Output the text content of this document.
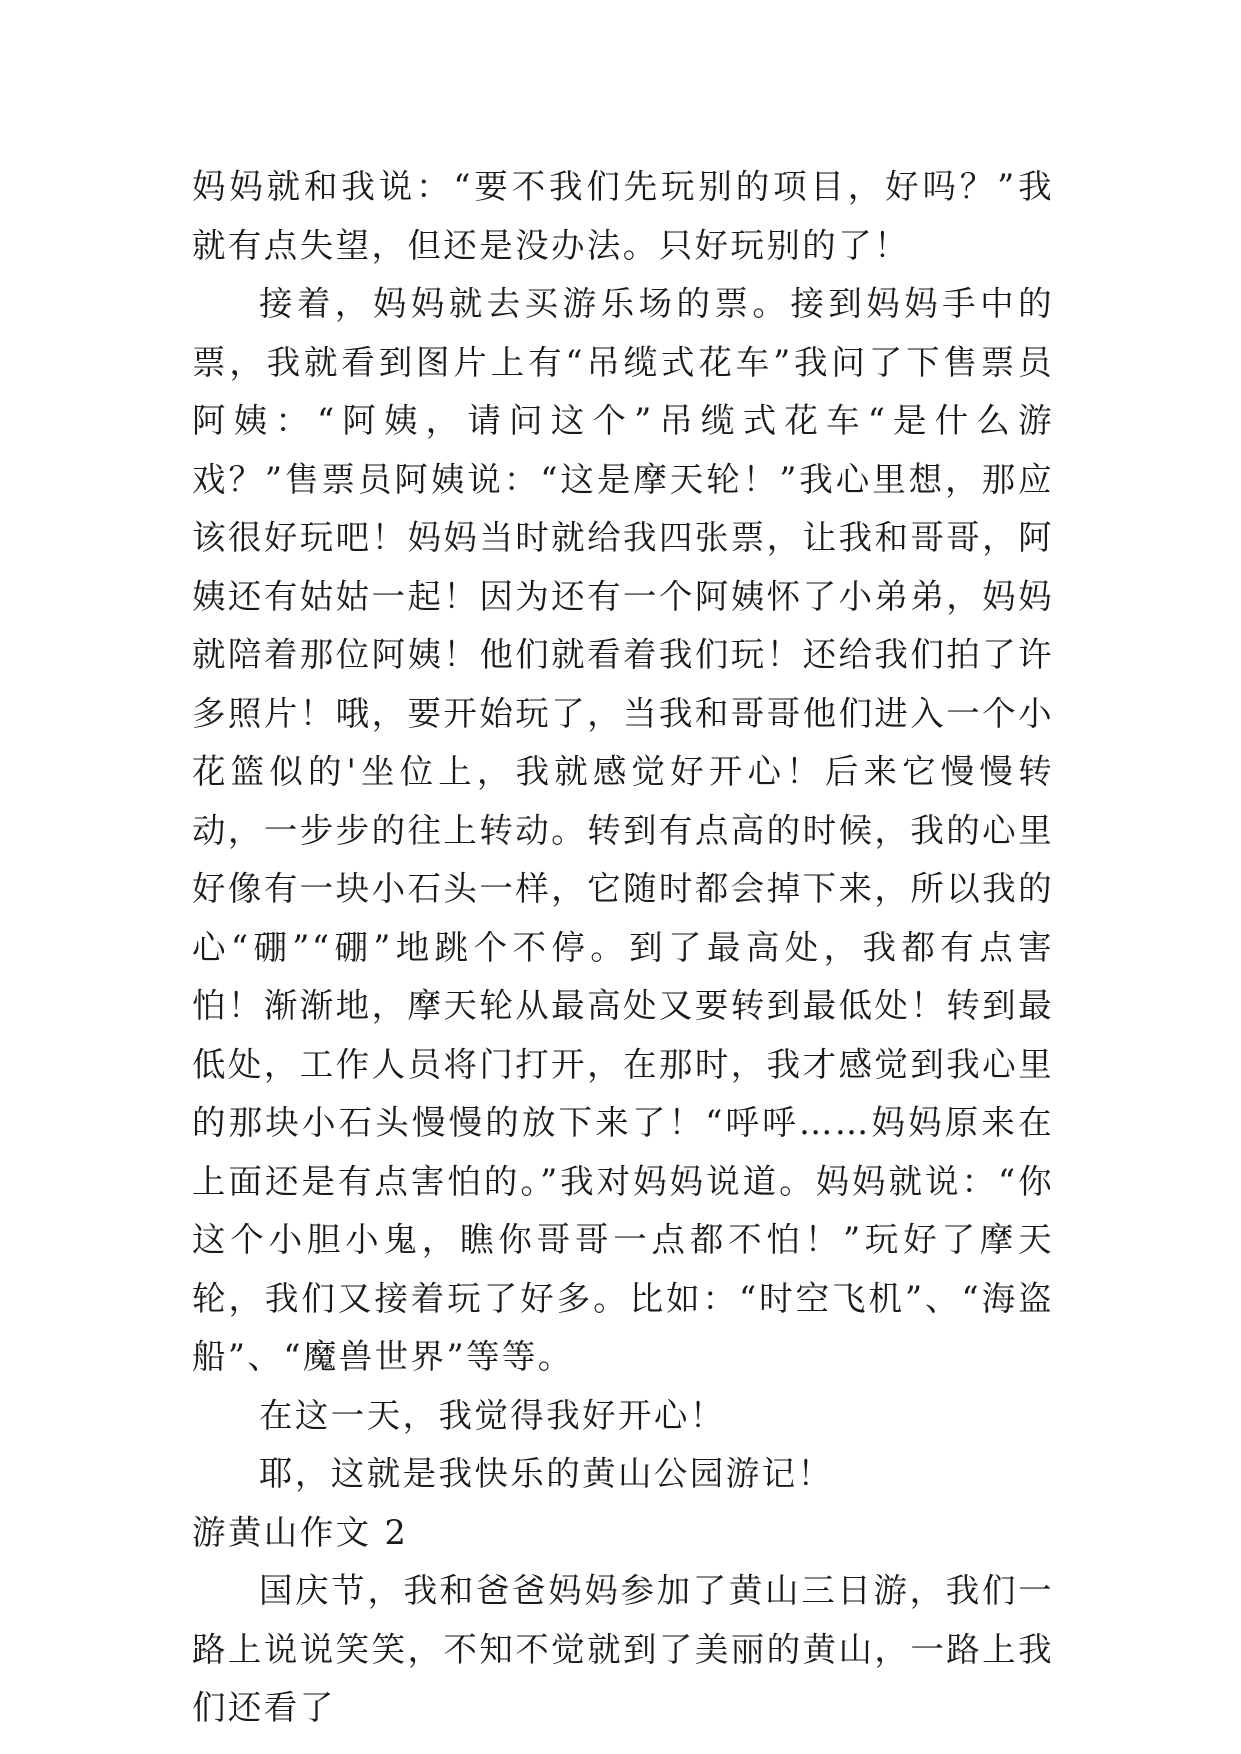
妈妈就和我说：“要不我们先玩别的项目，好吗？”我就有点失望，但还是没办法。只好玩别的了！

接着，妈妈就去买游乐场的票。接到妈妈手中的票，我就看到图片上有“吊缆式花车”我问了下售票员阿姨：“阿姨，请问这个”吊缆式花车“是什么游戏？”售票员阿姨说：“这是摩天轮！”我心里想，那应该很好玩吧！妈妈当时就给我四张票，让我和哥哥，阿姨还有姑姑一起！因为还有一个阿姨怀了小弟弟，妈妈就陪着那位阿姨！他们就看着我们玩！还给我们拍了许多照片！哦，要开始玩了，当我和哥哥他们进入一个小花篮似的'坐位上，我就感觉好开心！后来它慢慢转动，一步步的往上转动。转到有点高的时候，我的心里好像有一块小石头一样，它随时都会掉下来，所以我的心“硼”“硼”地跳个不停。到了最高处，我都有点害怕！渐渐地，摩天轮从最高处又要转到最低处！转到最低处，工作人员将门打开，在那时，我才感觉到我心里的那块小石头慢慢的放下来了！“呼呼……妈妈原来在上面还是有点害怕的。”我对妈妈说道。妈妈就说：“你这个小胆小鬼，瞧你哥哥一点都不怕！”玩好了摩天轮，我们又接着玩了好多。比如：“时空飞机”、“海盗船”、“魔兽世界”等等。

在这一天，我觉得我好开心！

耶，这就是我快乐的黄山公园游记！

游黄山作文 2

国庆节，我和爸爸妈妈参加了黄山三日游，我们一路上说说笑笑，不知不觉就到了美丽的黄山，一路上我们还看了
